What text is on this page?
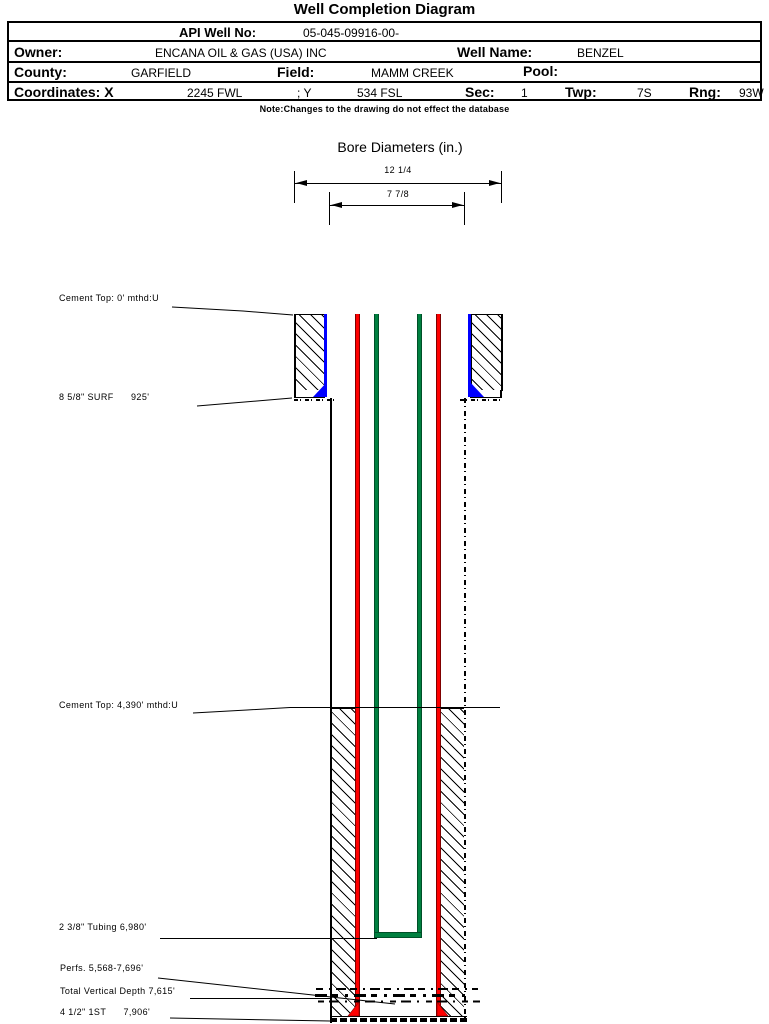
Well Completion Diagram
API Well No:	05-045-09916-00-
Owner:	ENCANA OIL & GAS (USA) INC	Well Name:	BENZEL
County:	GARFIELD	Field:	MAMM CREEK	Pool:
Coordinates: X	2245 FWL	; Y	534 FSL	Sec: 1	Twp:	7S	Rng: 93W
Note:Changes to the drawing do not effect the database
Bore Diameters (in.)
12 1/4
7 7/8
Cement Top: 0' mthd:U
8 5/8" SURF      925'
Cement Top: 4,390' mthd:U
2 3/8" Tubing 6,980'
Perfs. 5,568-7,696'
Total Vertical Depth 7,615'
4 1/2" 1ST      7,906'
